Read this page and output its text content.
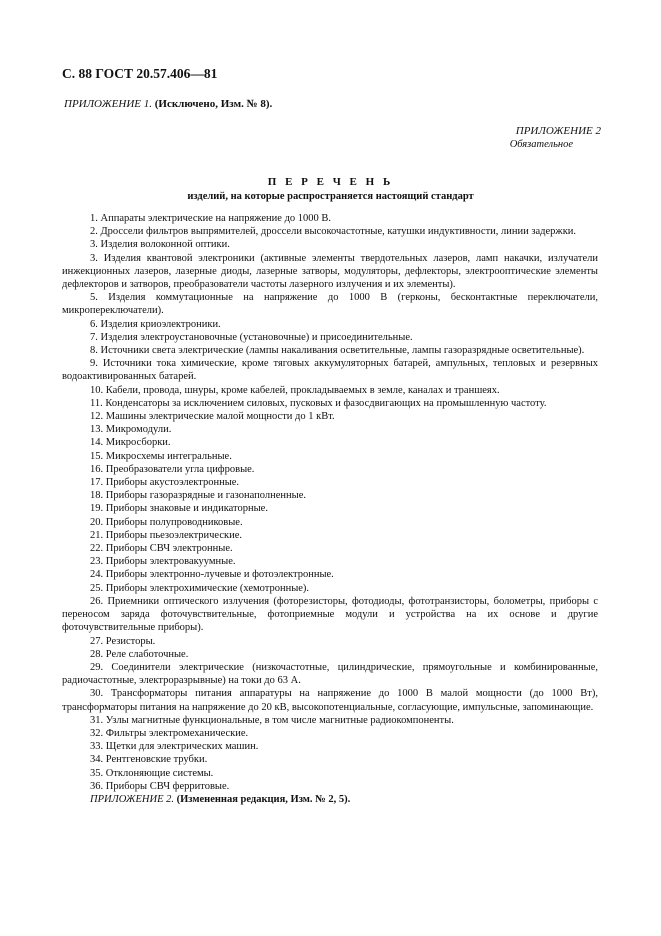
С. 88 ГОСТ 20.57.406—81
ПРИЛОЖЕНИЕ 1. (Исключено, Изм. № 8).
ПРИЛОЖЕНИЕ 2
Обязательное
П Е Р Е Ч Е Н Ь
изделий, на которые распространяется настоящий стандарт

1. Аппараты электрические на напряжение до 1000 В.

2. Дроссели фильтров выпрямителей, дроссели высокочастотные, катушки индуктивности, линии задержки.

3. Изделия волоконной оптики.

3. Изделия квантовой электроники (активные элементы твердотельных лазеров, ламп накачки, излучатели инжекционных лазеров, лазерные диоды, лазерные затворы, модуляторы, дефлекторы, электрооптические элементы дефлекторов и затворов, преобразователи частоты лазерного излучения и их элементы).

5. Изделия коммутационные на напряжение до 1000 В (герконы, бесконтактные переключатели, микропереключатели).

6. Изделия криоэлектроники.

7. Изделия электроустановочные (установочные) и присоединительные.

8. Источники света электрические (лампы накаливания осветительные, лампы газоразрядные осветительные).

9. Источники тока химические, кроме тяговых аккумуляторных батарей, ампульных, тепловых и резервных водоактивированных батарей.

10. Кабели, провода, шнуры, кроме кабелей, прокладываемых в земле, каналах и траншеях.

11. Конденсаторы за исключением силовых, пусковых и фазосдвигающих на промышленную частоту.

12. Машины электрические малой мощности до 1 кВт.

13. Микромодули.

14. Микросборки.

15. Микросхемы интегральные.

16. Преобразователи угла цифровые.

17. Приборы акустоэлектронные.

18. Приборы газоразрядные и газонаполненные.

19. Приборы знаковые и индикаторные.

20. Приборы полупроводниковые.

21. Приборы пьезоэлектрические.

22. Приборы СВЧ электронные.

23. Приборы электровакуумные.

24. Приборы электронно-лучевые и фотоэлектронные.

25. Приборы электрохимические (хемотронные).

26. Приемники оптического излучения (фоторезисторы, фотодиоды, фототранзисторы, болометры, приборы с переносом заряда фоточувствительные, фотоприемные модули и устройства на их основе и другие фоточувствительные приборы).

27. Резисторы.

28. Реле слаботочные.

29. Соединители электрические (низкочастотные, цилиндрические, прямоугольные и комбинированные, радиочастотные, электроразрывные) на токи до 63 А.

30. Трансформаторы питания аппаратуры на напряжение до 1000 В малой мощности (до 1000 Вт), трансформаторы питания на напряжение до 20 кВ, высокопотенциальные, согласующие, импульсные, запоминающие.

31. Узлы магнитные функциональные, в том числе магнитные радиокомпоненты.

32. Фильтры электромеханические.

33. Щетки для электрических машин.

34. Рентгеновские трубки.

35. Отклоняющие системы.

36. Приборы СВЧ ферритовые.

ПРИЛОЖЕНИЕ 2. (Измененная редакция, Изм. № 2, 5).
